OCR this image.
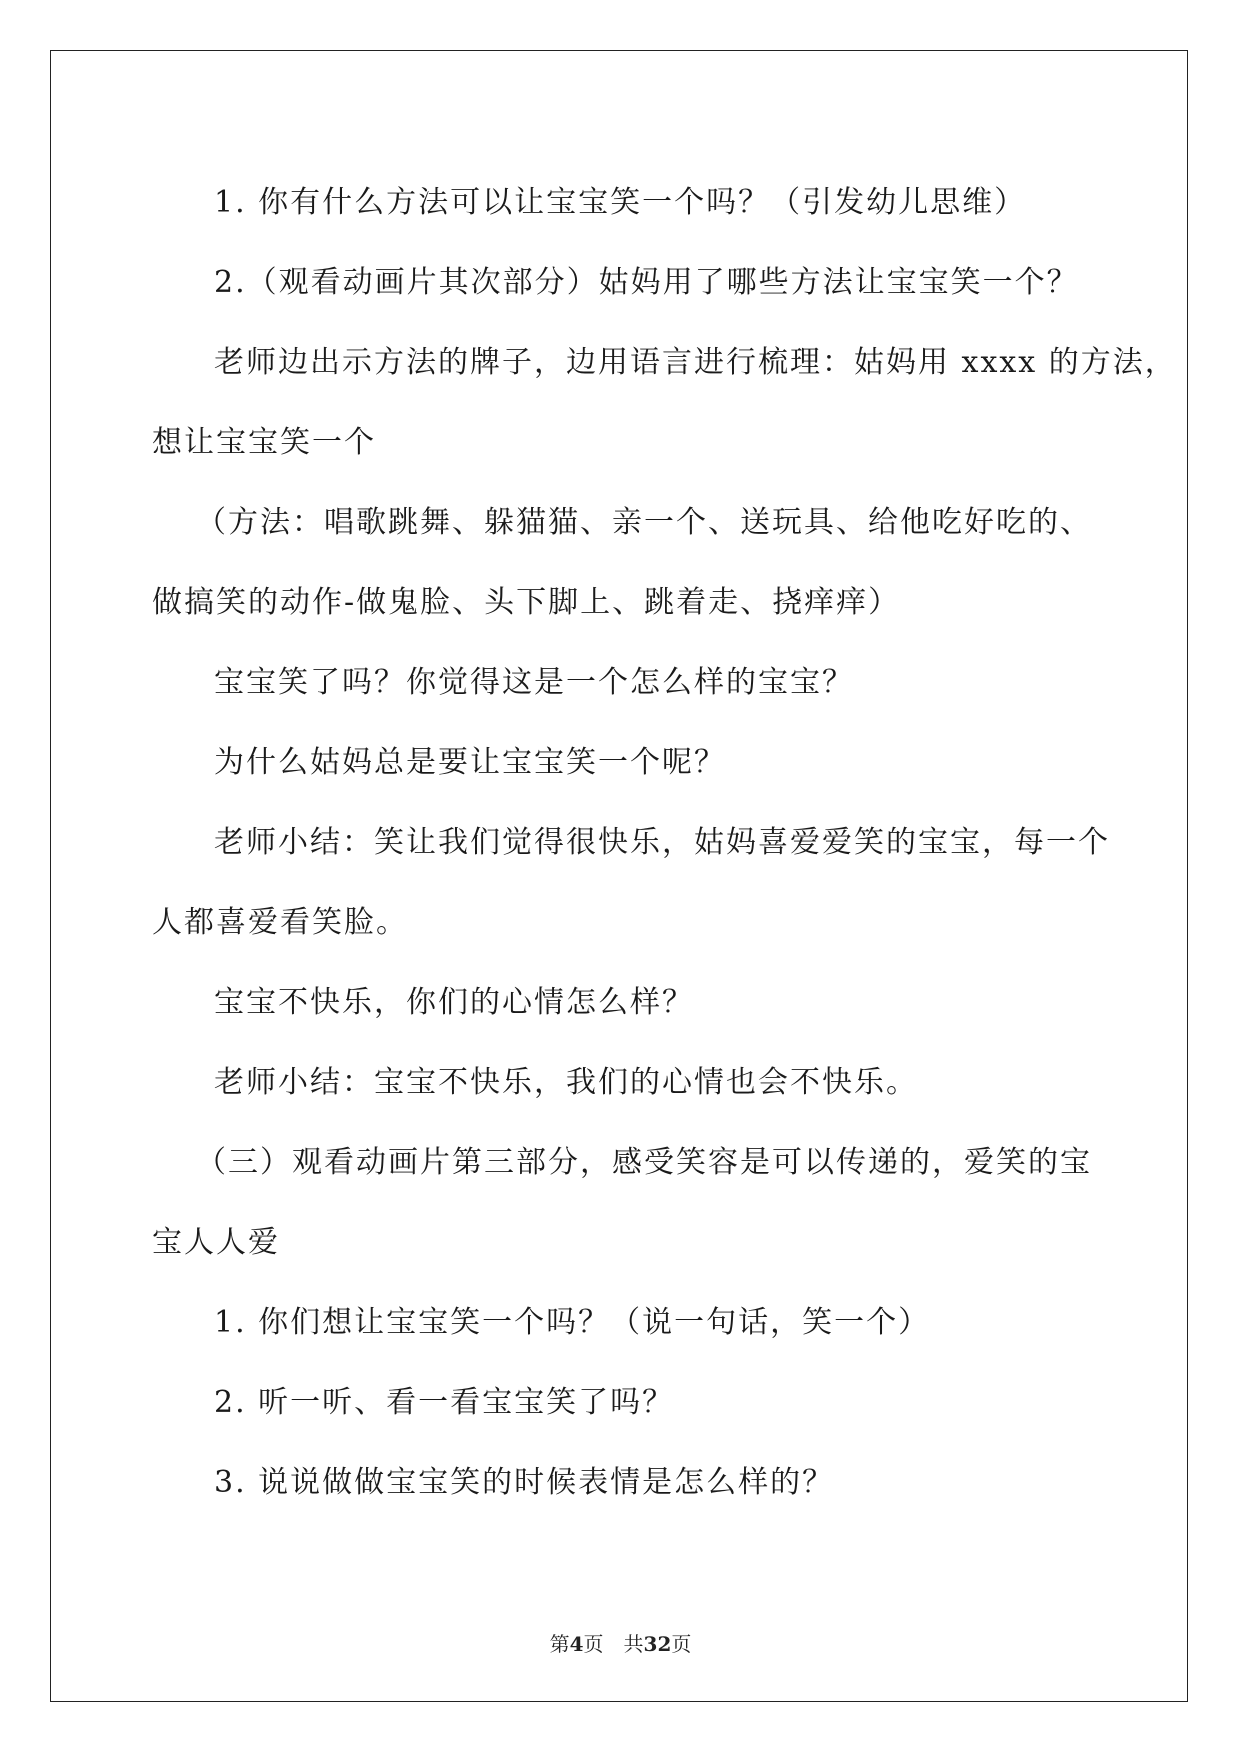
1. 你有什么方法可以让宝宝笑一个吗？（引发幼儿思维）

2.（观看动画片其次部分）姑妈用了哪些方法让宝宝笑一个？

老师边出示方法的牌子，边用语言进行梳理：姑妈用 xxxx 的方法，

想让宝宝笑一个

（方法：唱歌跳舞、躲猫猫、亲一个、送玩具、给他吃好吃的、

做搞笑的动作-做鬼脸、头下脚上、跳着走、挠痒痒）

宝宝笑了吗？你觉得这是一个怎么样的宝宝？

为什么姑妈总是要让宝宝笑一个呢？

老师小结：笑让我们觉得很快乐，姑妈喜爱爱笑的宝宝，每一个

人都喜爱看笑脸。

宝宝不快乐，你们的心情怎么样？

老师小结：宝宝不快乐，我们的心情也会不快乐。

（三）观看动画片第三部分，感受笑容是可以传递的，爱笑的宝

宝人人爱

1. 你们想让宝宝笑一个吗？（说一句话，笑一个）

2. 听一听、看一看宝宝笑了吗？

3. 说说做做宝宝笑的时候表情是怎么样的？

第4页　共32页
